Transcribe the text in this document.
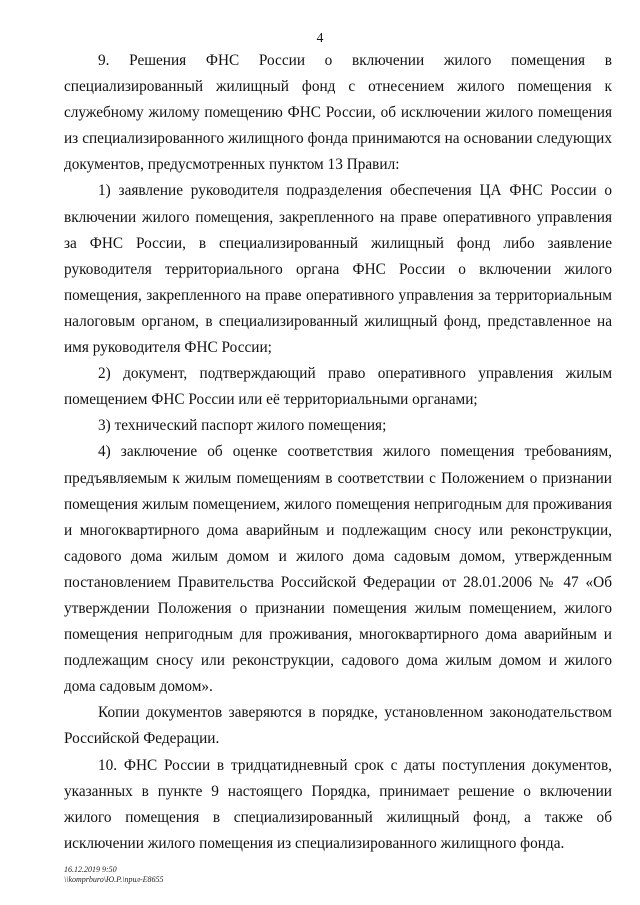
4

9. Решения ФНС России о включении жилого помещения в специализированный жилищный фонд с отнесением жилого помещения к служебному жилому помещению ФНС России, об исключении жилого помещения из специализированного жилищного фонда принимаются на основании следующих документов, предусмотренных пунктом 13 Правил:

1) заявление руководителя подразделения обеспечения ЦА ФНС России о включении жилого помещения, закрепленного на праве оперативного управления за ФНС России, в специализированный жилищный фонд либо заявление руководителя территориального органа ФНС России о включении жилого помещения, закрепленного на праве оперативного управления за территориальным налоговым органом, в специализированный жилищный фонд, представленное на имя руководителя ФНС России;

2) документ, подтверждающий право оперативного управления жилым помещением ФНС России или её территориальными органами;

3) технический паспорт жилого помещения;

4) заключение об оценке соответствия жилого помещения требованиям, предъявляемым к жилым помещениям в соответствии с Положением о признании помещения жилым помещением, жилого помещения непригодным для проживания и многоквартирного дома аварийным и подлежащим сносу или реконструкции, садового дома жилым домом и жилого дома садовым домом, утвержденным постановлением Правительства Российской Федерации от 28.01.2006 № 47 «Об утверждении Положения о признании помещения жилым помещением, жилого помещения непригодным для проживания, многоквартирного дома аварийным и подлежащим сносу или реконструкции, садового дома жилым домом и жилого дома садовым домом».

Копии документов заверяются в порядке, установленном законодательством Российской Федерации.

10. ФНС России в тридцатидневный срок с даты поступления документов, указанных в пункте 9 настоящего Порядка, принимает решение о включении жилого помещения в специализированный жилищный фонд, а также об исключении жилого помещения из специализированного жилищного фонда.

16.12.2019 9:50
\\komprburo\Ю.Р.\прил-Е8655
